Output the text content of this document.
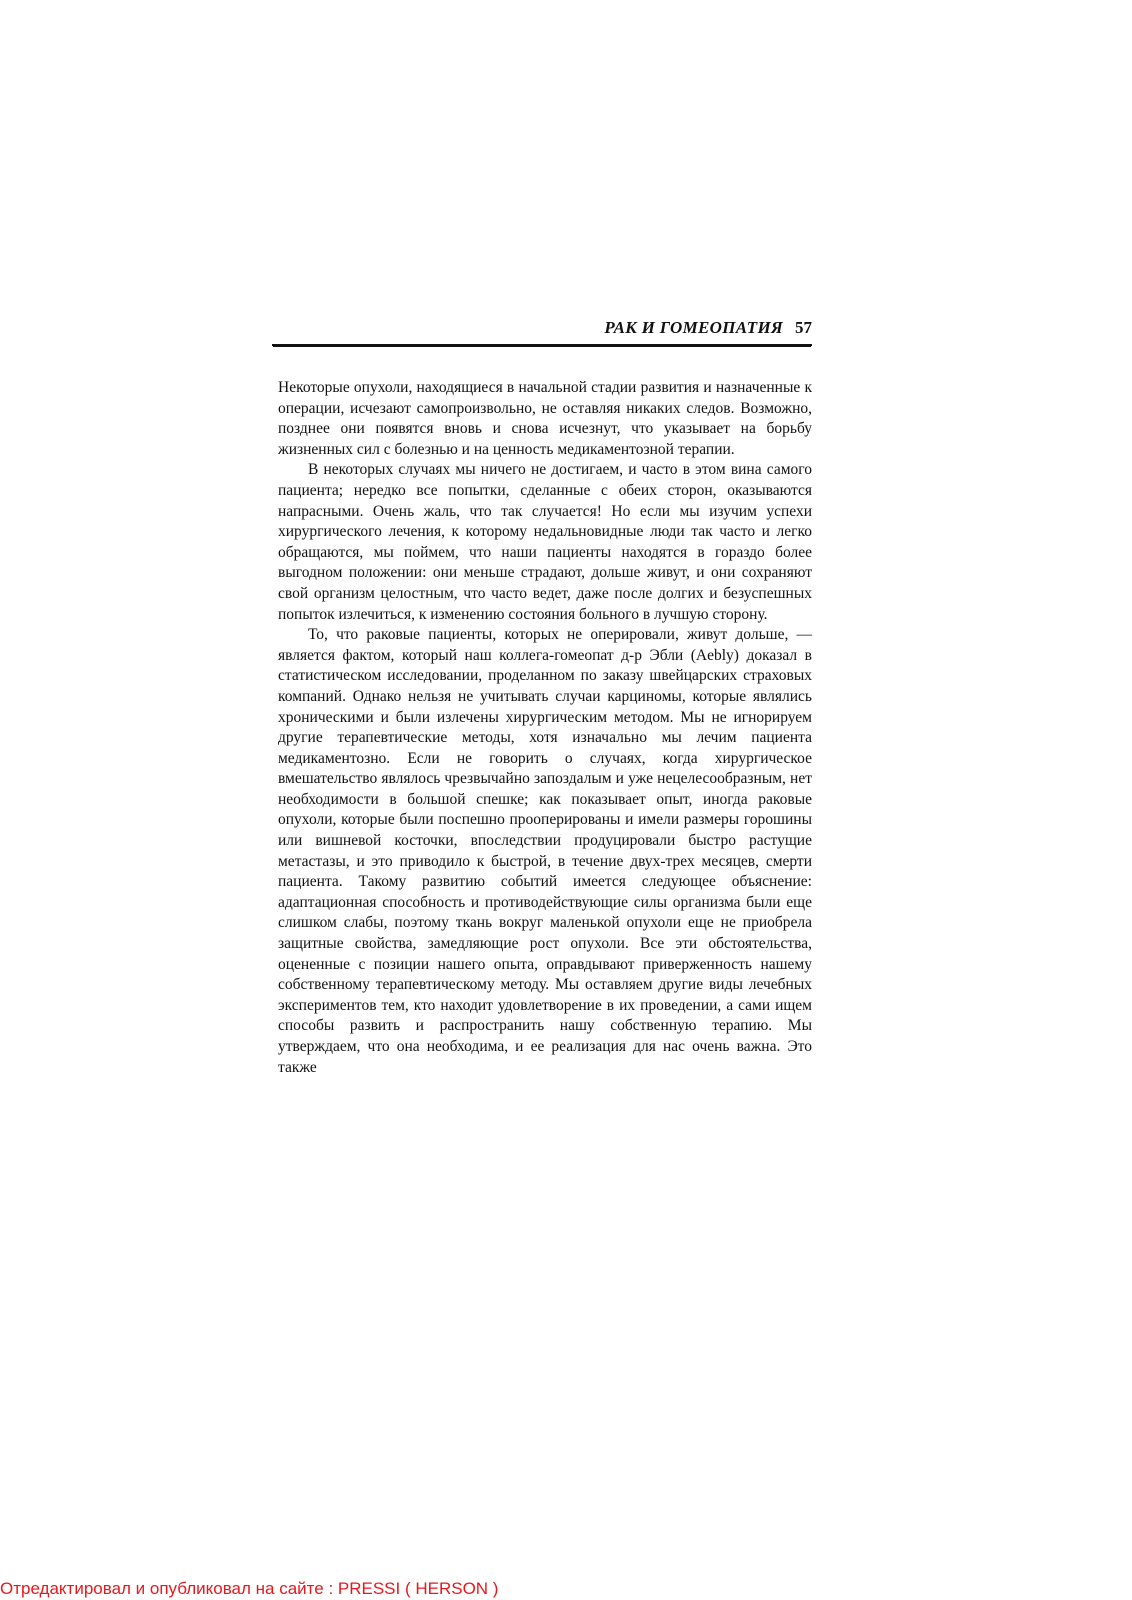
РАК И ГОМЕОПАТИЯ 57

Некоторые опухоли, находящиеся в начальной стадии развития и назначенные к операции, исчезают самопроизвольно, не оставляя никаких следов. Возможно, позднее они появятся вновь и снова исчезнут, что указывает на борьбу жизненных сил с болезнью и на ценность медикаментозной терапии.

В некоторых случаях мы ничего не достигаем, и часто в этом вина самого пациента; нередко все попытки, сделанные с обеих сторон, оказываются напрасными. Очень жаль, что так случается! Но если мы изучим успехи хирургического лечения, к которому недальновидные люди так часто и легко обращаются, мы поймем, что наши пациенты находятся в гораздо более выгодном положении: они меньше страдают, дольше живут, и они сохраняют свой организм целостным, что часто ведет, даже после долгих и безуспешных попыток излечиться, к изменению состояния больного в лучшую сторону.

То, что раковые пациенты, которых не оперировали, живут дольше, — является фактом, который наш коллега-гомеопат д-р Эбли (Aebly) доказал в статистическом исследовании, проделанном по заказу швейцарских страховых компаний. Однако нельзя не учитывать случаи карциномы, которые являлись хроническими и были излечены хирургическим методом. Мы не игнорируем другие терапевтические методы, хотя изначально мы лечим пациента медикаментозно. Если не говорить о случаях, когда хирургическое вмешательство являлось чрезвычайно запоздалым и уже нецелесообразным, нет необходимости в большой спешке; как показывает опыт, иногда раковые опухоли, которые были поспешно прооперированы и имели размеры горошины или вишневой косточки, впоследствии продуцировали быстро растущие метастазы, и это приводило к быстрой, в течение двух-трех месяцев, смерти пациента. Такому развитию событий имеется следующее объяснение: адаптационная способность и противодействующие силы организма были еще слишком слабы, поэтому ткань вокруг маленькой опухоли еще не приобрела защитные свойства, замедляющие рост опухоли. Все эти обстоятельства, оцененные с позиции нашего опыта, оправдывают приверженность нашему собственному терапевтическому методу. Мы оставляем другие виды лечебных экспериментов тем, кто находит удовлетворение в их проведении, а сами ищем способы развить и распространить нашу собственную терапию. Мы утверждаем, что она необходима, и ее реализация для нас очень важна. Это также

Отредактировал и опубликовал на сайте : PRESSI ( HERSON )
